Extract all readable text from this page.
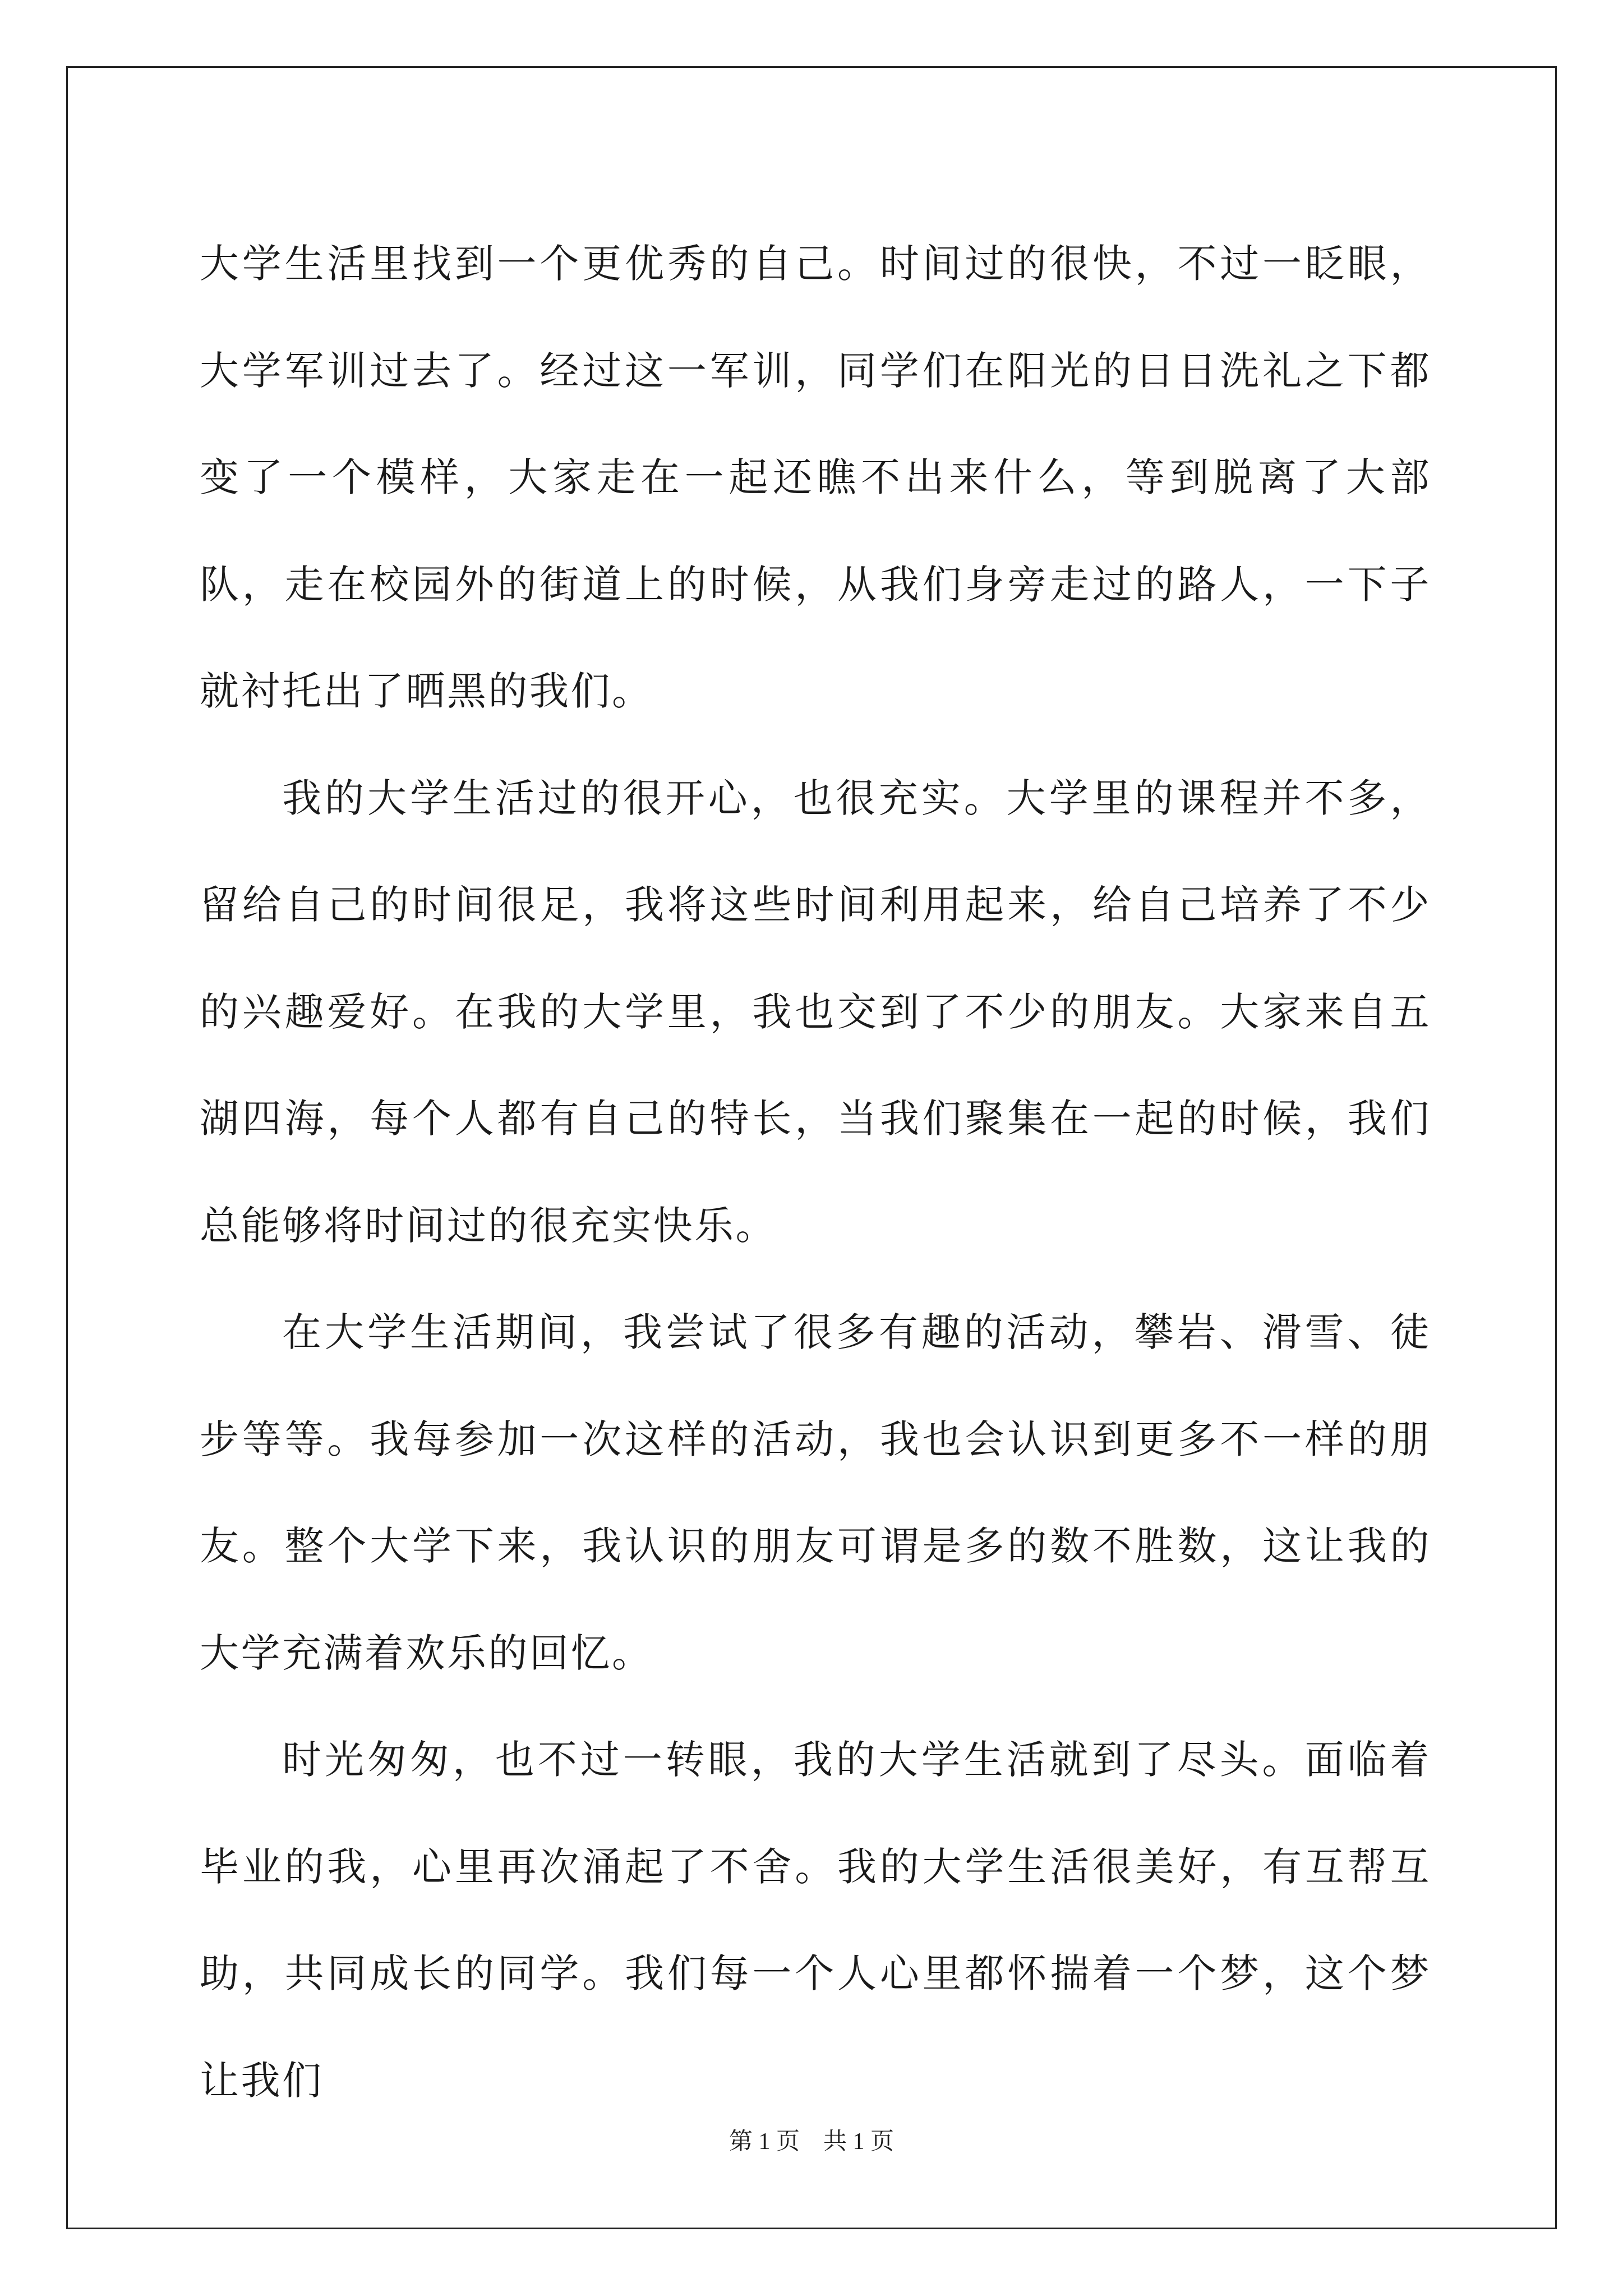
大学生活里找到一个更优秀的自己。时间过的很快，不过一眨眼，大学军训过去了。经过这一军训，同学们在阳光的日日洗礼之下都变了一个模样，大家走在一起还瞧不出来什么，等到脱离了大部队，走在校园外的街道上的时候，从我们身旁走过的路人，一下子就衬托出了晒黑的我们。

我的大学生活过的很开心，也很充实。大学里的课程并不多，留给自己的时间很足，我将这些时间利用起来，给自己培养了不少的兴趣爱好。在我的大学里，我也交到了不少的朋友。大家来自五湖四海，每个人都有自己的特长，当我们聚集在一起的时候，我们总能够将时间过的很充实快乐。

在大学生活期间，我尝试了很多有趣的活动，攀岩、滑雪、徒步等等。我每参加一次这样的活动，我也会认识到更多不一样的朋友。整个大学下来，我认识的朋友可谓是多的数不胜数，这让我的大学充满着欢乐的回忆。

时光匆匆，也不过一转眼，我的大学生活就到了尽头。面临着毕业的我，心里再次涌起了不舍。我的大学生活很美好，有互帮互助，共同成长的同学。我们每一个人心里都怀揣着一个梦，这个梦让我们

第 1 页 共 1 页
